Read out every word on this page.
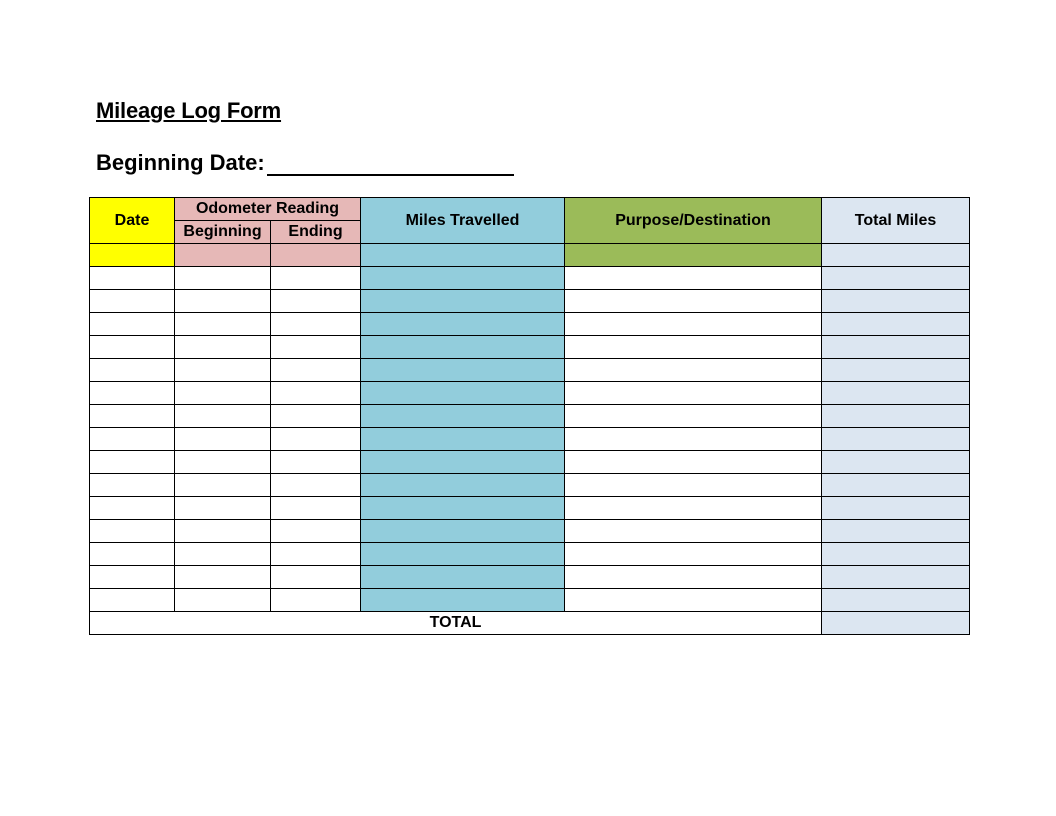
Mileage Log Form
Beginning Date:
Date	Odometer Reading		Miles Travelled	Purpose/Destination	Total Miles
	Beginning	Ending			

TOTAL					
